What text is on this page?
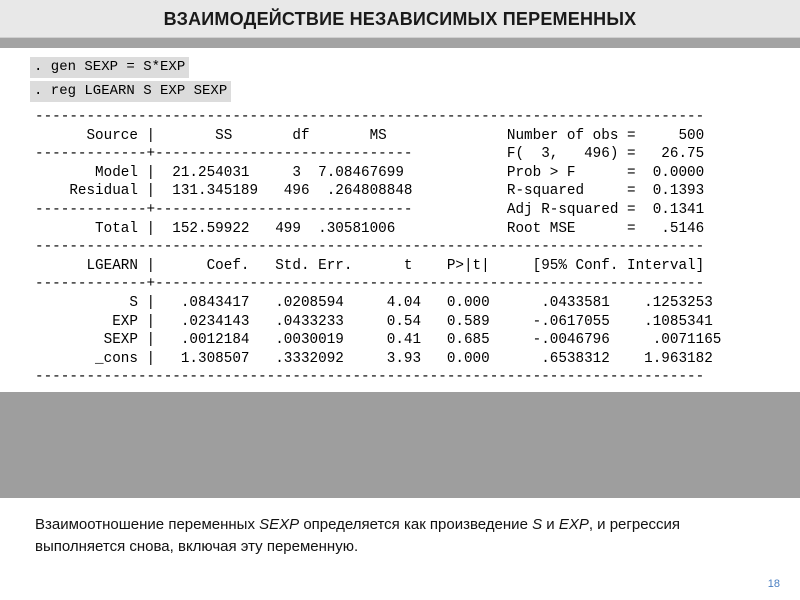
ВЗАИМОДЕЙСТВИЕ НЕЗАВИСИМЫХ ПЕРЕМЕННЫХ
. gen SEXP = S*EXP
. reg LGEARN S EXP SEXP
------------------------------------------------------------------------------
Source |       SS       df       MS              Number of obs =     500
-------------+------------------------------           F(  3,   496) =   26.75
Model |  21.254031     3  7.08467699            Prob > F      =  0.0000
Residual |  131.345189   496  .264808848           R-squared     =  0.1393
-------------+------------------------------           Adj R-squared =  0.1341
Total |  152.59922   499  .30581006             Root MSE      =   .5146
------------------------------------------------------------------------------
LGEARN |      Coef.   Std. Err.      t    P>|t|     [95% Conf. Interval]
-------------+----------------------------------------------------------------
S |   .0843417   .0208594     4.04   0.000      .0433581    .1253253
EXP |   .0234143   .0433233     0.54   0.589     -.0617055    .1085341
SEXP |   .0012184   .0030019     0.41   0.685     -.0046796     .0071165
_cons |   1.308507   .3332092     3.93   0.000      .6538312    1.963182
------------------------------------------------------------------------------
Взаимоотношение переменных SEXP определяется как произведение S и EXP, и регрессия выполняется снова, включая эту переменную.
18
